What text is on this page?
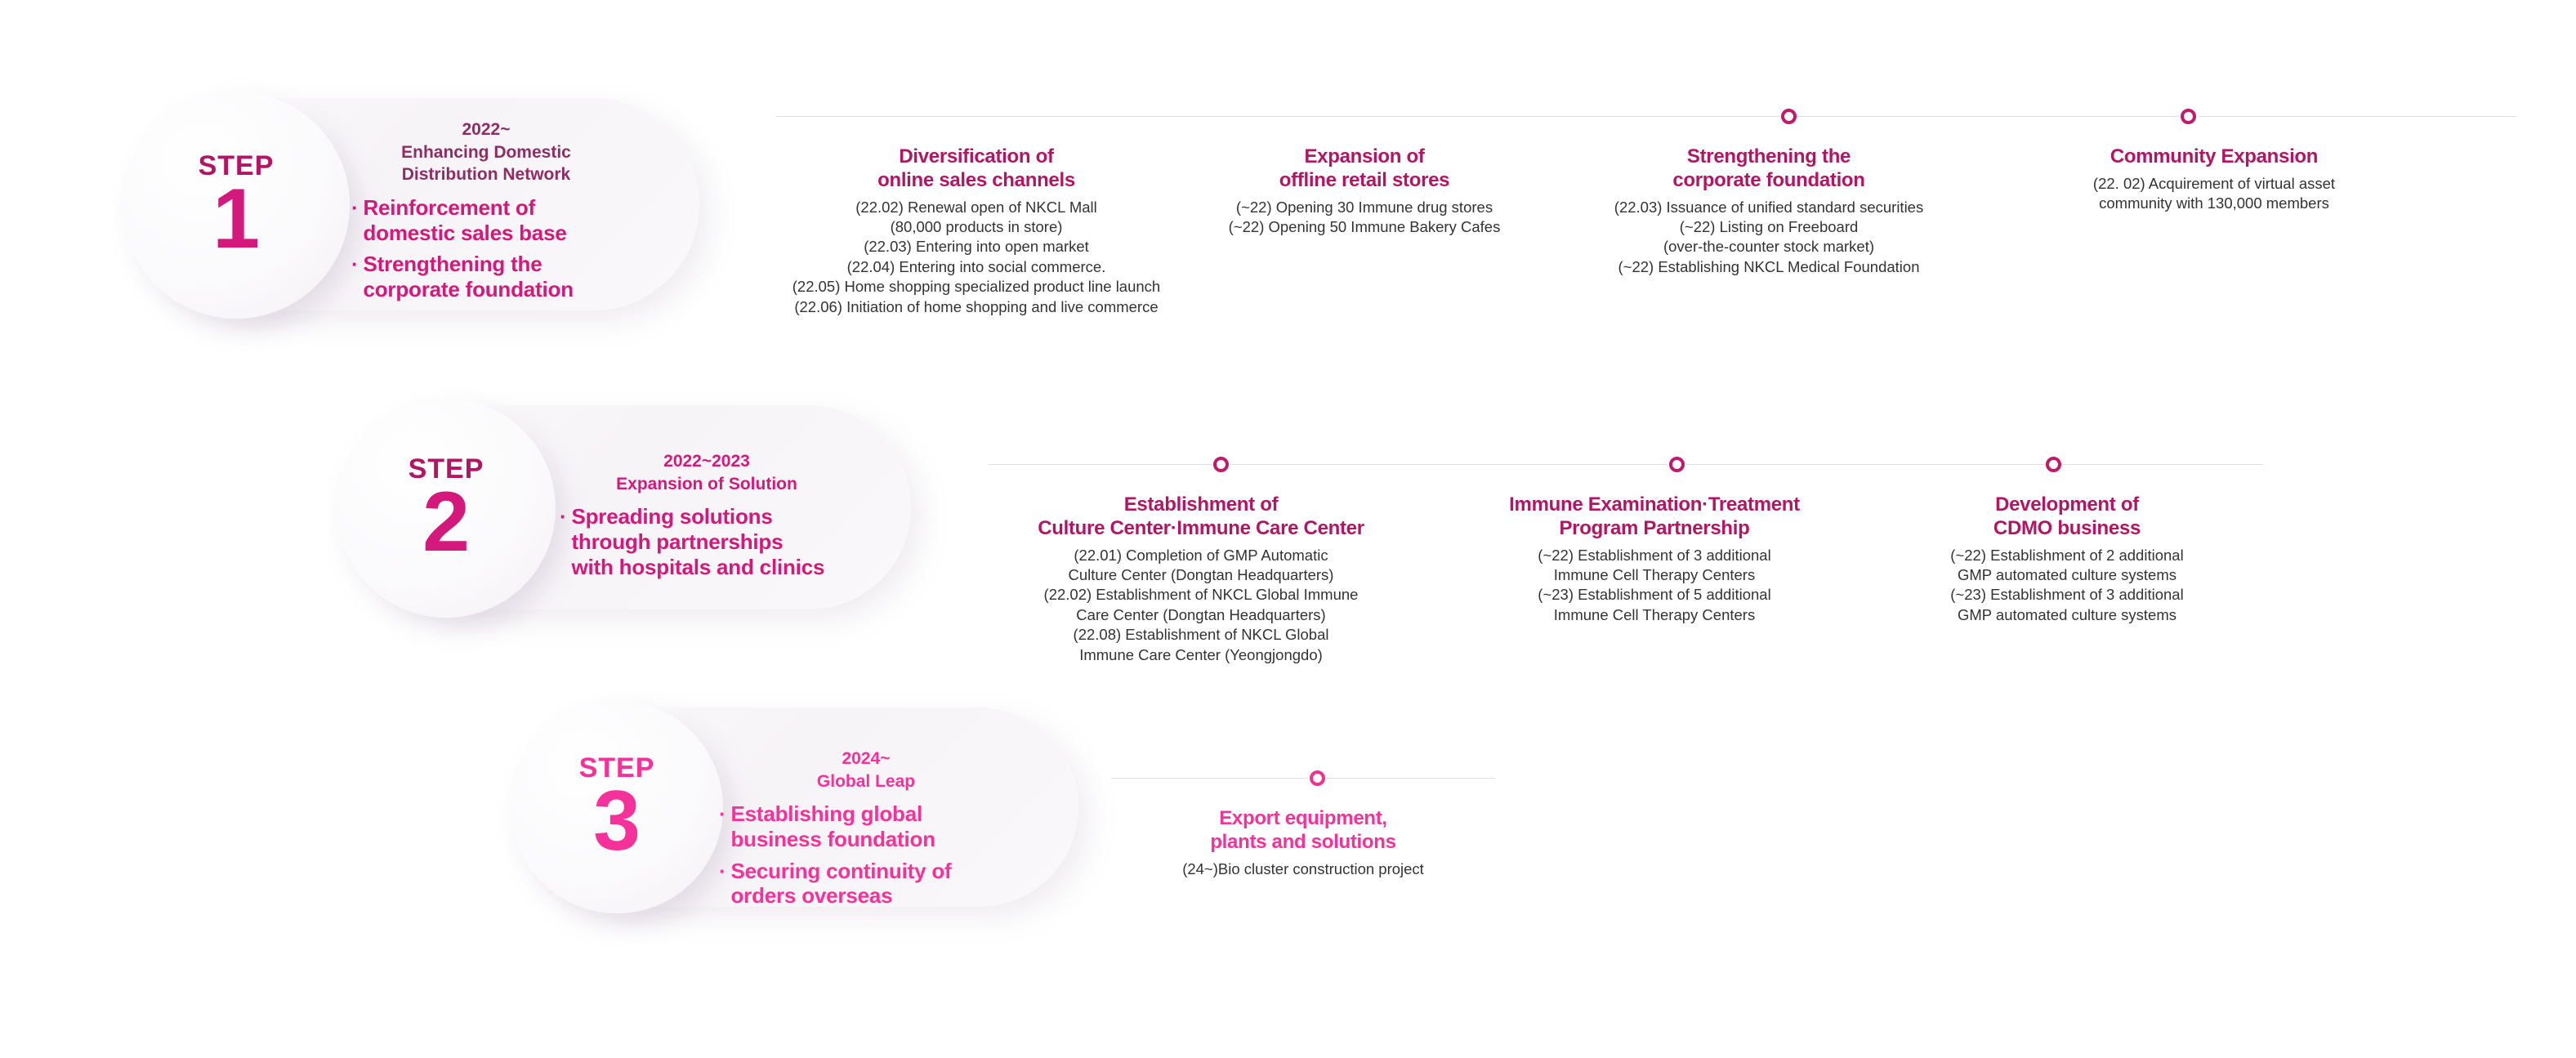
STEP
1
2022~
Enhancing Domestic
Distribution Network
· Reinforcement of
domestic sales base
· Strengthening the
corporate foundation
Diversification of
online sales channels
(22.02) Renewal open of NKCL Mall
(80,000 products in store)
(22.03) Entering into open market
(22.04) Entering into social commerce.
(22.05) Home shopping specialized product line launch
(22.06) Initiation of home shopping and live commerce
Expansion of
offline retail stores
(~22) Opening 30 Immune drug stores
(~22) Opening 50 Immune Bakery Cafes
Strengthening the
corporate foundation
(22.03) Issuance of unified standard securities
(~22) Listing on Freeboard
(over-the-counter stock market)
(~22) Establishing NKCL Medical Foundation
Community Expansion
(22. 02) Acquirement of virtual asset
community with 130,000 members
STEP
2
2022~2023
Expansion of Solution
· Spreading solutions
through partnerships
with hospitals and clinics
Establishment of
Culture Center·Immune Care Center
(22.01) Completion of GMP Automatic
Culture Center (Dongtan Headquarters)
(22.02) Establishment of NKCL Global Immune
Care Center (Dongtan Headquarters)
(22.08) Establishment of NKCL Global
Immune Care Center (Yeongjongdo)
Immune Examination·Treatment
Program Partnership
(~22) Establishment of 3 additional
Immune Cell Therapy Centers
(~23) Establishment of 5 additional
Immune Cell Therapy Centers
Development of
CDMO business
(~22) Establishment of 2 additional
GMP automated culture systems
(~23) Establishment of 3 additional
GMP automated culture systems
STEP
3
2024~
Global Leap
· Establishing global
business foundation
· Securing continuity of
orders overseas
Export equipment,
plants and solutions
(24~)Bio cluster construction project
